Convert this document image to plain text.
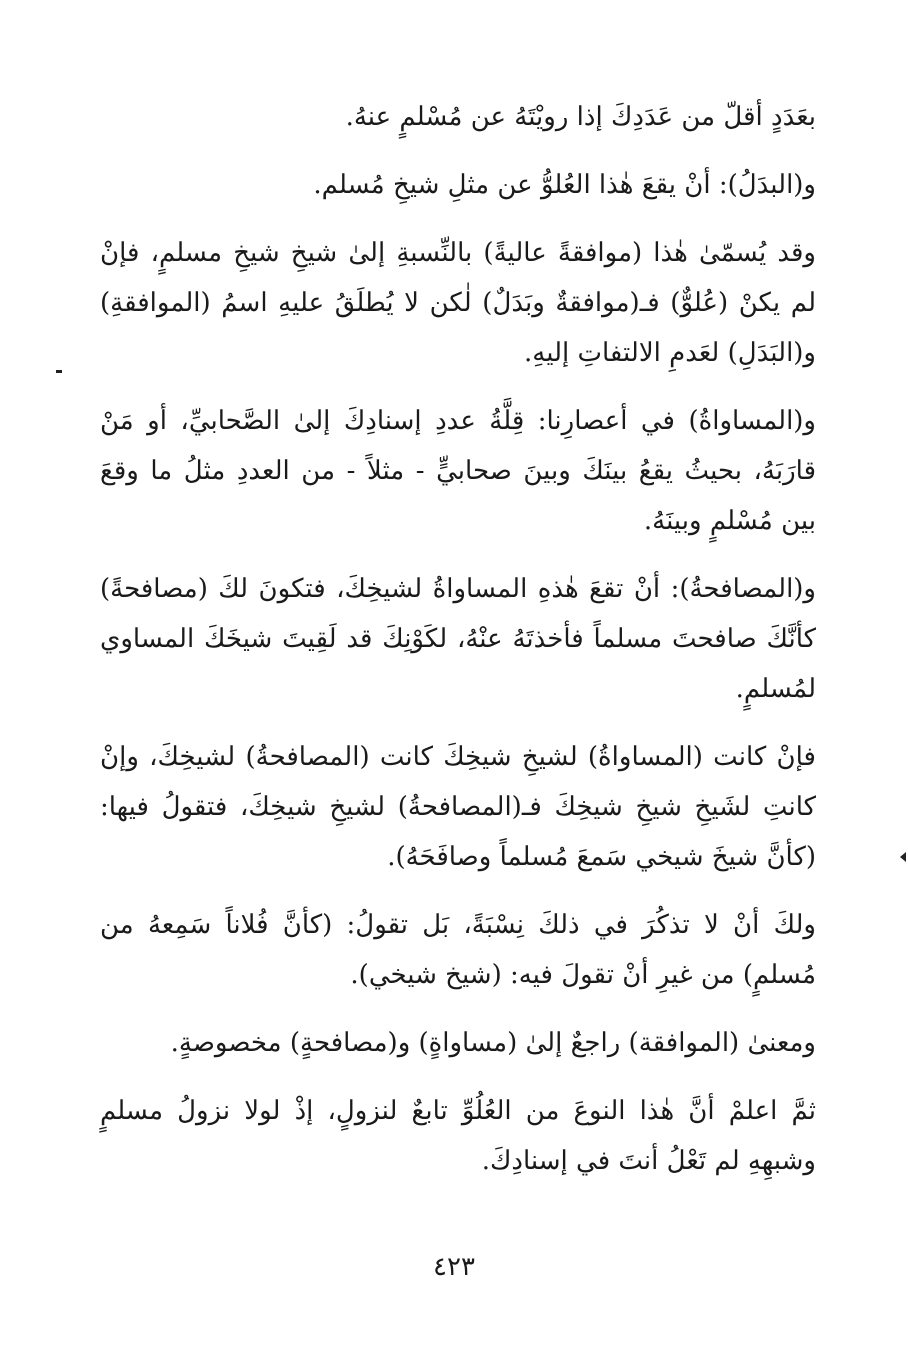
بعَدَدٍ أقلّ من عَدَدِكَ إذا رويْتَهُ عن مُسْلمٍ عنهُ.

و(البدَلُ): أنْ يقعَ هٰذا العُلوُّ عن مثلِ شيخِ مُسلم.

وقد يُسمّىٰ هٰذا (موافقةً عاليةً) بالنِّسبةِ إلىٰ شيخِ شيخِ مسلمٍ، فإنْ لم يكنْ (عُلوٌّ) فـ(موافقةٌ وبَدَلٌ) لٰكن لا يُطلَقُ عليهِ اسمُ (الموافقةِ) و(البَدَلِ) لعَدمِ الالتفاتِ إليهِ.

و(المساواةُ) في أعصارِنا: قِلَّةُ عددِ إسنادِكَ إلىٰ الصَّحابيِّ، أو مَنْ قارَبَهُ، بحيثُ يقعُ بينَكَ وبينَ صحابيٍّ - مثلاً - من العددِ مثلُ ما وقعَ بين مُسْلمٍ وبينَهُ.

و(المصافحةُ): أنْ تقعَ هٰذهِ المساواةُ لشيخِكَ، فتكونَ لكَ (مصافحةً) كأنَّكَ صافحتَ مسلماً فأخذتَهُ عنْهُ، لكَوْنِكَ قد لَقِيتَ شيخَكَ المساوي لمُسلمٍ.

فإنْ كانت (المساواةُ) لشيخِ شيخِكَ كانت (المصافحةُ) لشيخِكَ، وإنْ كانتِ لشَيخِ شيخِ شيخِكَ فـ(المصافحةُ) لشيخِ شيخِكَ، فتقولُ فيها: (كأنَّ شيخَ شيخي سَمعَ مُسلماً وصافَحَهُ).

ولكَ أنْ لا تذكُرَ في ذلكَ نِسْبَةً، بَل تقولُ: (كأنَّ فُلاناً سَمِعهُ من مُسلمٍ) من غيرِ أنْ تقولَ فيه: (شيخ شيخي).

ومعنىٰ (الموافقة) راجعٌ إلىٰ (مساواةٍ) و(مصافحةٍ) مخصوصةٍ.

ثمَّ اعلمْ أنَّ هٰذا النوعَ من العُلُوِّ تابعٌ لنزولٍ، إذْ لولا نزولُ مسلمٍ وشبهِهِ لم تَعْلُ أنتَ في إسنادِكَ.

٤٢٣
